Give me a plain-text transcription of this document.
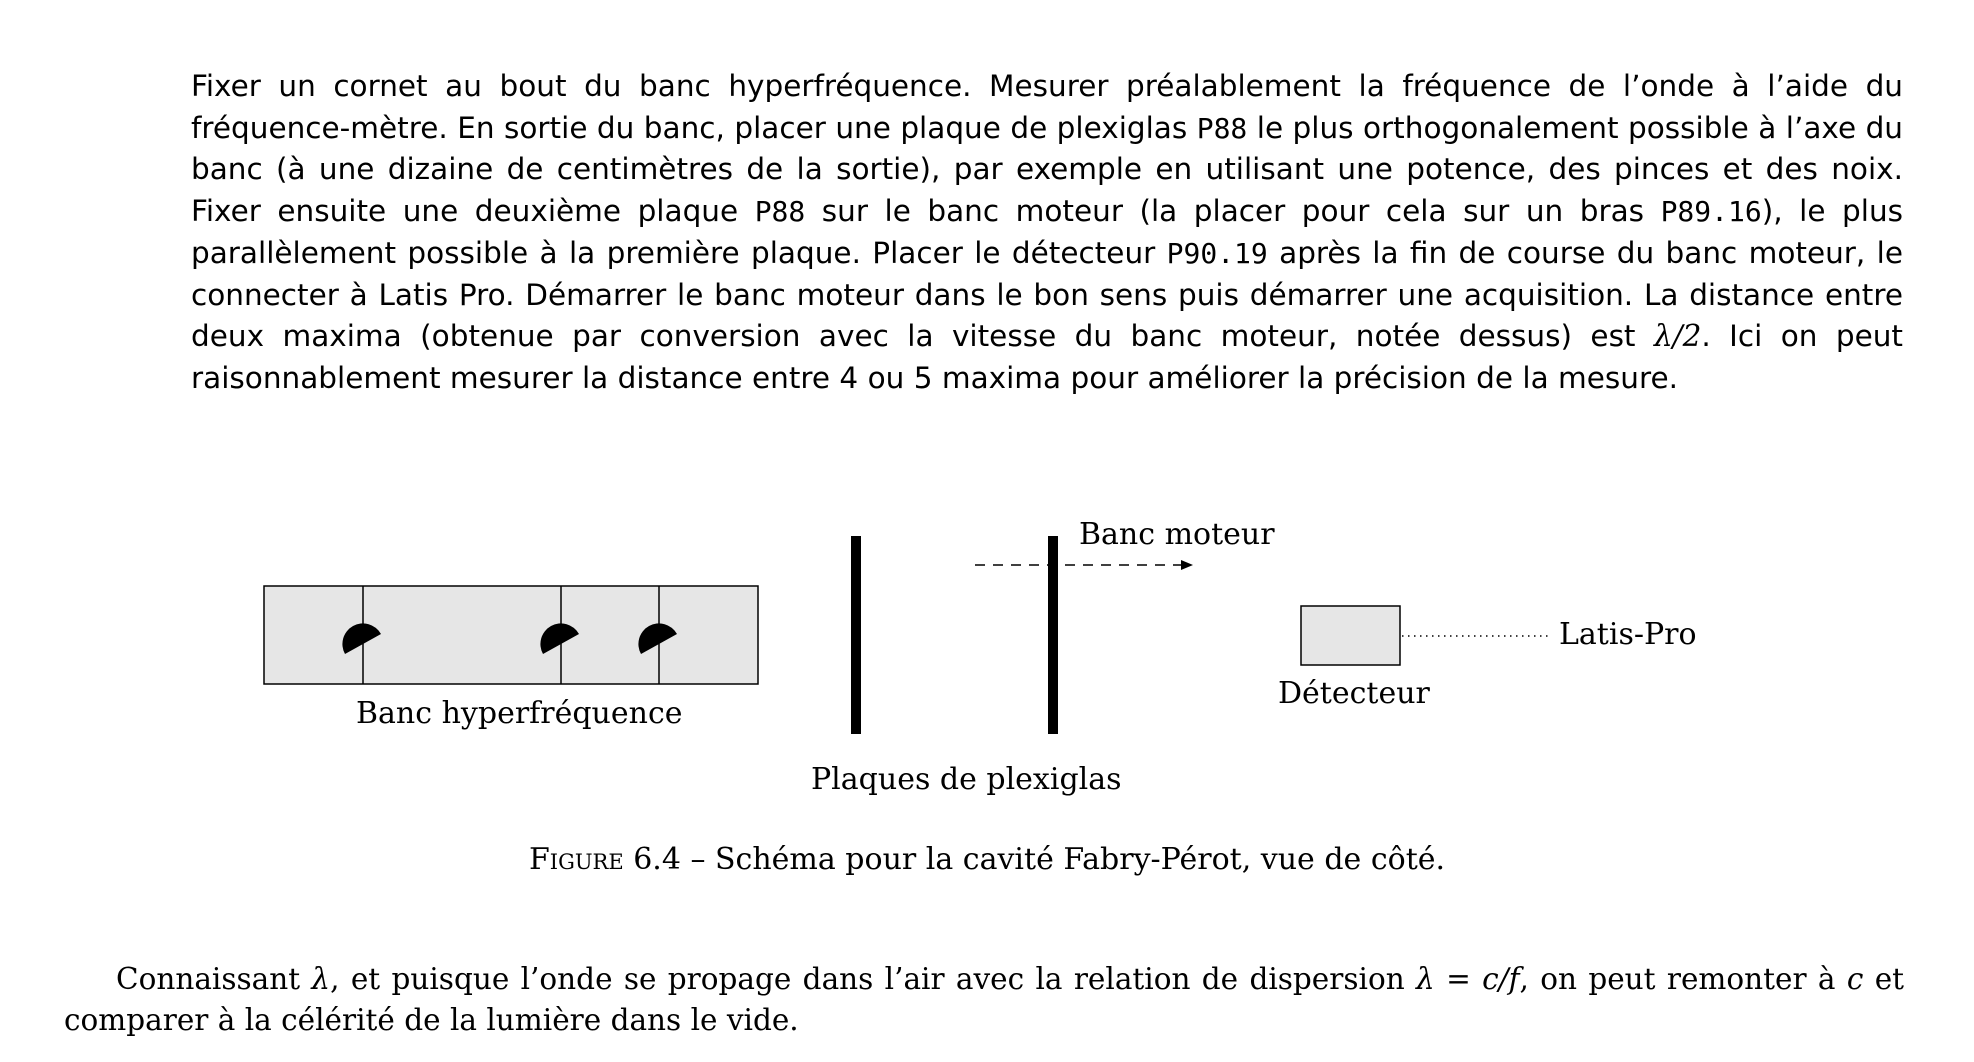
Fixer un cornet au bout du banc hyperfréquence. Mesurer préalablement la fréquence de l’onde à l’aide du fréquence-mètre. En sortie du banc, placer une plaque de plexiglas P88 le plus orthogonalement possible à l’axe du banc (à une dizaine de centimètres de la sortie), par exemple en utilisant une potence, des pinces et des noix. Fixer ensuite une deuxième plaque P88 sur le banc moteur (la placer pour cela sur un bras P89.16), le plus parallèlement possible à la première plaque. Placer le détecteur P90.19 après la fin de course du banc moteur, le connecter à Latis Pro. Démarrer le banc moteur dans le bon sens puis démarrer une acquisition. La distance entre deux maxima (obtenue par conversion avec la vitesse du banc moteur, notée dessus) est λ/2. Ici on peut raisonnablement mesurer la distance entre 4 ou 5 maxima pour améliorer la précision de la mesure.

Banc hyperfréquence
Plaques de plexiglas
Banc moteur
Détecteur
Latis-Pro
Figure 6.4 – Schéma pour la cavité Fabry-Pérot, vue de côté.

Connaissant λ, et puisque l’onde se propage dans l’air avec la relation de dispersion λ = c/f, on peut remonter à c et comparer à la célérité de la lumière dans le vide.
